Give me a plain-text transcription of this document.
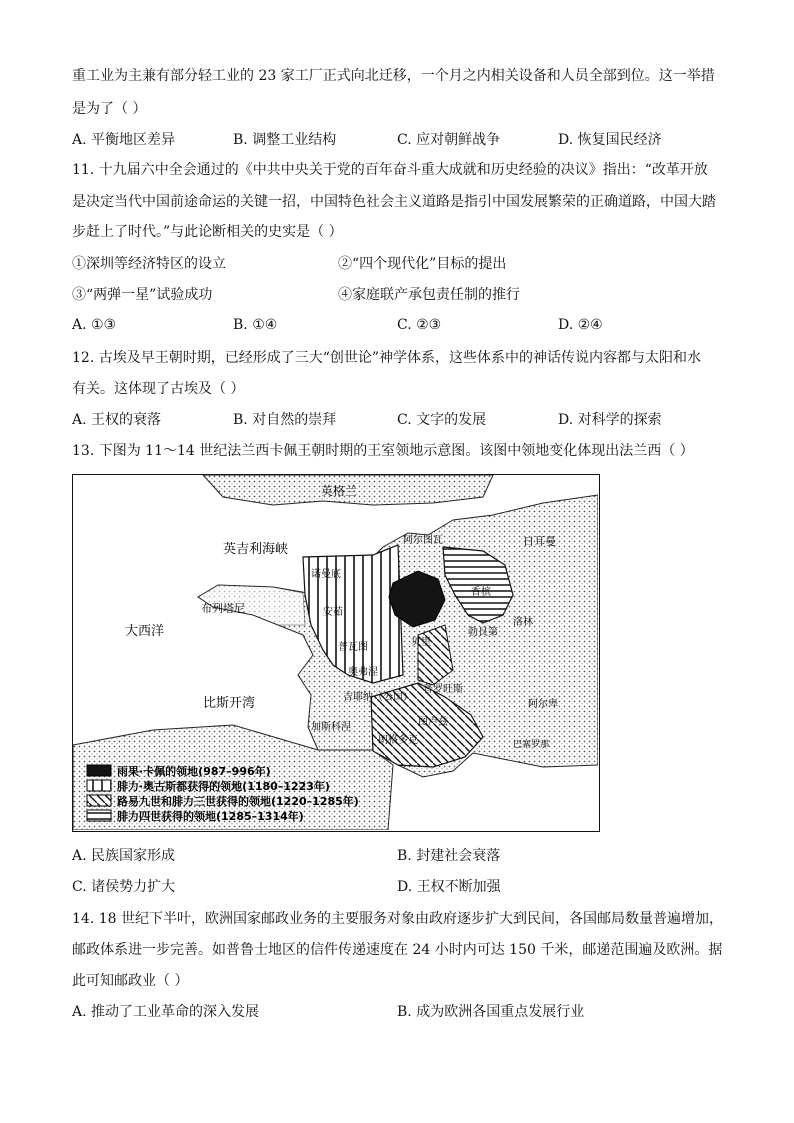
重工业为主兼有部分轻工业的 23 家工厂正式向北迁移，一个月之内相关设备和人员全部到位。这一举措
是为了（ ）
A. 平衡地区差异	B. 调整工业结构	C. 应对朝鲜战争	D. 恢复国民经济
11. 十九届六中全会通过的《中共中央关于党的百年奋斗重大成就和历史经验的决议》指出：“改革开放
是决定当代中国前途命运的关键一招，中国特色社会主义道路是指引中国发展繁荣的正确道路，中国大踏
步赶上了时代。”与此论断相关的史实是（ ）
①深圳等经济特区的设立	②“四个现代化”目标的提出
③“两弹一星”试验成功	④家庭联产承包责任制的推行
A. ①③	B. ①④	C. ②③	D. ②④
12. 古埃及早王朝时期，已经形成了三大“创世论”神学体系，这些体系中的神话传说内容都与太阳和水
有关。这体现了古埃及（ ）
A. 王权的衰落	B. 对自然的崇拜	C. 文字的发展	D. 对科学的探索
13. 下图为 11～14 世纪法兰西卡佩王朝时期的王室领地示意图。该图中领地变化体现出法兰西（ ）
英格兰
英吉利海峡
大西洋
比斯开湾
布列塔尼
诺曼底
阿尔图瓦	日耳曼
安茹
普瓦图
香槟
勃艮第
吉耶纳（公国）
图卢兹
加斯科涅
朗格多克
普罗旺斯
阿尔卑
贝里
奥弗涅
洛林
巴塞罗那
雨果·卡佩的领地(987–996年)
腓力·奥古斯都获得的领地(1180–1223年)
路易九世和腓力三世获得的领地(1220–1285年)
腓力四世获得的领地(1285–1314年)
A. 民族国家形成	B. 封建社会衰落
C. 诸侯势力扩大	D. 王权不断加强
14. 18 世纪下半叶，欧洲国家邮政业务的主要服务对象由政府逐步扩大到民间，各国邮局数量普遍增加，
邮政体系进一步完善。如普鲁士地区的信件传递速度在 24 小时内可达 150 千米，邮递范围遍及欧洲。据
此可知邮政业（ ）
A. 推动了工业革命的深入发展	B. 成为欧洲各国重点发展行业
